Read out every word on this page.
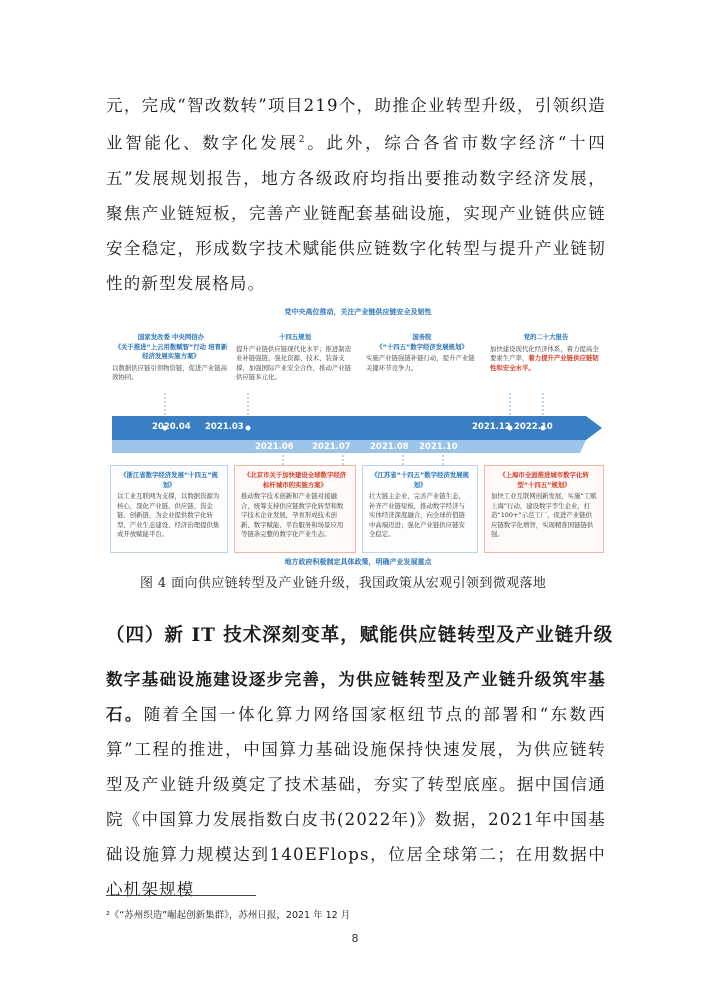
元，完成“智改数转”项目219个，助推企业转型升级，引领织造业智能化、数字化发展$^2$。此外，综合各省市数字经济“十四五”发展规划报告，地方各级政府均指出要推动数字经济发展，聚焦产业链短板，完善产业链配套基础设施，实现产业链供应链安全稳定，形成数字技术赋能供应链数字化转型与提升产业链韧性的新型发展格局。
党中央高位推动，关注产业链供应链安全及韧性
国家发改委 中央网信办
《关于推进“上云用数赋智”行动 培育新经济发展实施方案》
以数据供应链引领物资链，促进产业链高效协同。
十四五规划
提升产业链供应链现代化水平；推进制造业补链强链，强化资源、技术、装备支撑，加强国际产业安全合作，推动产业链供应链多元化。
国务院
《“十四五”数字经济发展规划》
实施产业链强链补链行动，提升产业链关键环节竞争力。
党的二十大报告
加快建设现代化经济体系，着力提高全要素生产率，着力提升产业链供应链韧性和安全水平。
2020.04 2021.03	2021.12 2022.10
2021.06 2021.07 2021.08 2021.10
《浙江省数字经济发展“十四五”规划》
以工业互联网为支撑，以数据资源为核心，深化产业链、供应链、资金链、创新链，为企业提供数字化转型、产业生态建设、经济治理提供集成开放赋能平台。
《北京市关于加快建设全球数字经济标杆城市的实施方案》
推动数字技术创新和产业链对接融合，统筹支持供应链数字化转型和数字技术企业发展，孕育形成技术创新、数字赋能、平台服务和场景应用等链条完整的数字化产业生态。
《江苏省“十四五”数字经济发展规划》
壮大链主企业，完善产业链生态，补齐产业链短板，推动数字经济与实体经济深度融合，向全球价值链中高端迈进；强化产业链供应链安全稳定。
《上海市全面推进城市数字化转型“十四五”规划》
加快工业互联网创新发展，实施“工赋上海”行动，建设数字孪生企业，打造“100+”示范工厂，促进产业链供应链数字化增智，实现精准国链链供强。
地方政府积极制定具体政策，明确产业发展重点
图 4 面向供应链转型及产业链升级，我国政策从宏观引领到微观落地
（四）新 IT 技术深刻变革，赋能供应链转型及产业链升级
数字基础设施建设逐步完善，为供应链转型及产业链升级筑牢基石。随着全国一体化算力网络国家枢纽节点的部署和“东数西算”工程的推进，中国算力基础设施保持快速发展，为供应链转型及产业链升级奠定了技术基础，夯实了转型底座。据中国信通院《中国算力发展指数白皮书(2022年)》数据，2021年中国基础设施算力规模达到140EFlops，位居全球第二；在用数据中心机架规模
²《“苏州织造”崛起创新集群》，苏州日报，2021 年 12 月
8
